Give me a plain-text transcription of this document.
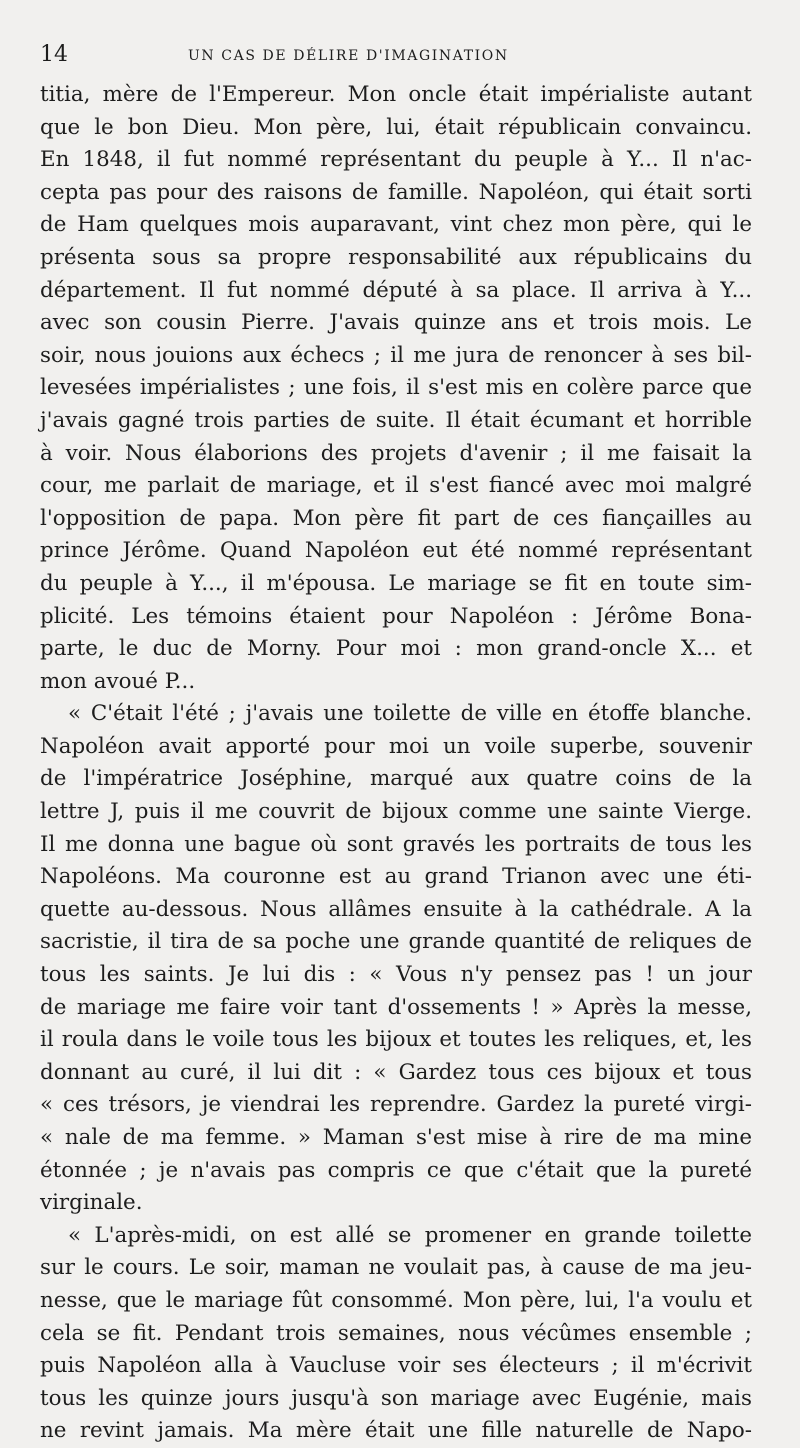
14	UN CAS DE DÉLIRE D'IMAGINATION
titia, mère de l'Empereur. Mon oncle était impérialiste autant
que le bon Dieu. Mon père, lui, était républicain convaincu.
En 1848, il fut nommé représentant du peuple à Y... Il n'ac-
cepta pas pour des raisons de famille. Napoléon, qui était sorti
de Ham quelques mois auparavant, vint chez mon père, qui le
présenta sous sa propre responsabilité aux républicains du
département. Il fut nommé député à sa place. Il arriva à Y...
avec son cousin Pierre. J'avais quinze ans et trois mois. Le
soir, nous jouions aux échecs ; il me jura de renoncer à ses bil-
levesées impérialistes ; une fois, il s'est mis en colère parce que
j'avais gagné trois parties de suite. Il était écumant et horrible
à voir. Nous élaborions des projets d'avenir ; il me faisait la
cour, me parlait de mariage, et il s'est fiancé avec moi malgré
l'opposition de papa. Mon père fit part de ces fiançailles au
prince Jérôme. Quand Napoléon eut été nommé représentant
du peuple à Y..., il m'épousa. Le mariage se fit en toute sim-
plicité. Les témoins étaient pour Napoléon : Jérôme Bona-
parte, le duc de Morny. Pour moi : mon grand-oncle X... et
mon avoué P...
« C'était l'été ; j'avais une toilette de ville en étoffe blanche.
Napoléon avait apporté pour moi un voile superbe, souvenir
de l'impératrice Joséphine, marqué aux quatre coins de la
lettre J, puis il me couvrit de bijoux comme une sainte Vierge.
Il me donna une bague où sont gravés les portraits de tous les
Napoléons. Ma couronne est au grand Trianon avec une éti-
quette au-dessous. Nous allâmes ensuite à la cathédrale. A la
sacristie, il tira de sa poche une grande quantité de reliques de
tous les saints. Je lui dis : « Vous n'y pensez pas ! un jour
de mariage me faire voir tant d'ossements ! » Après la messe,
il roula dans le voile tous les bijoux et toutes les reliques, et, les
donnant au curé, il lui dit : « Gardez tous ces bijoux et tous
« ces trésors, je viendrai les reprendre. Gardez la pureté virgi-
« nale de ma femme. » Maman s'est mise à rire de ma mine
étonnée ; je n'avais pas compris ce que c'était que la pureté
virginale.
« L'après-midi, on est allé se promener en grande toilette
sur le cours. Le soir, maman ne voulait pas, à cause de ma jeu-
nesse, que le mariage fût consommé. Mon père, lui, l'a voulu et
cela se fit. Pendant trois semaines, nous vécûmes ensemble ;
puis Napoléon alla à Vaucluse voir ses électeurs ; il m'écrivit
tous les quinze jours jusqu'à son mariage avec Eugénie, mais
ne revint jamais. Ma mère était une fille naturelle de Napo-
